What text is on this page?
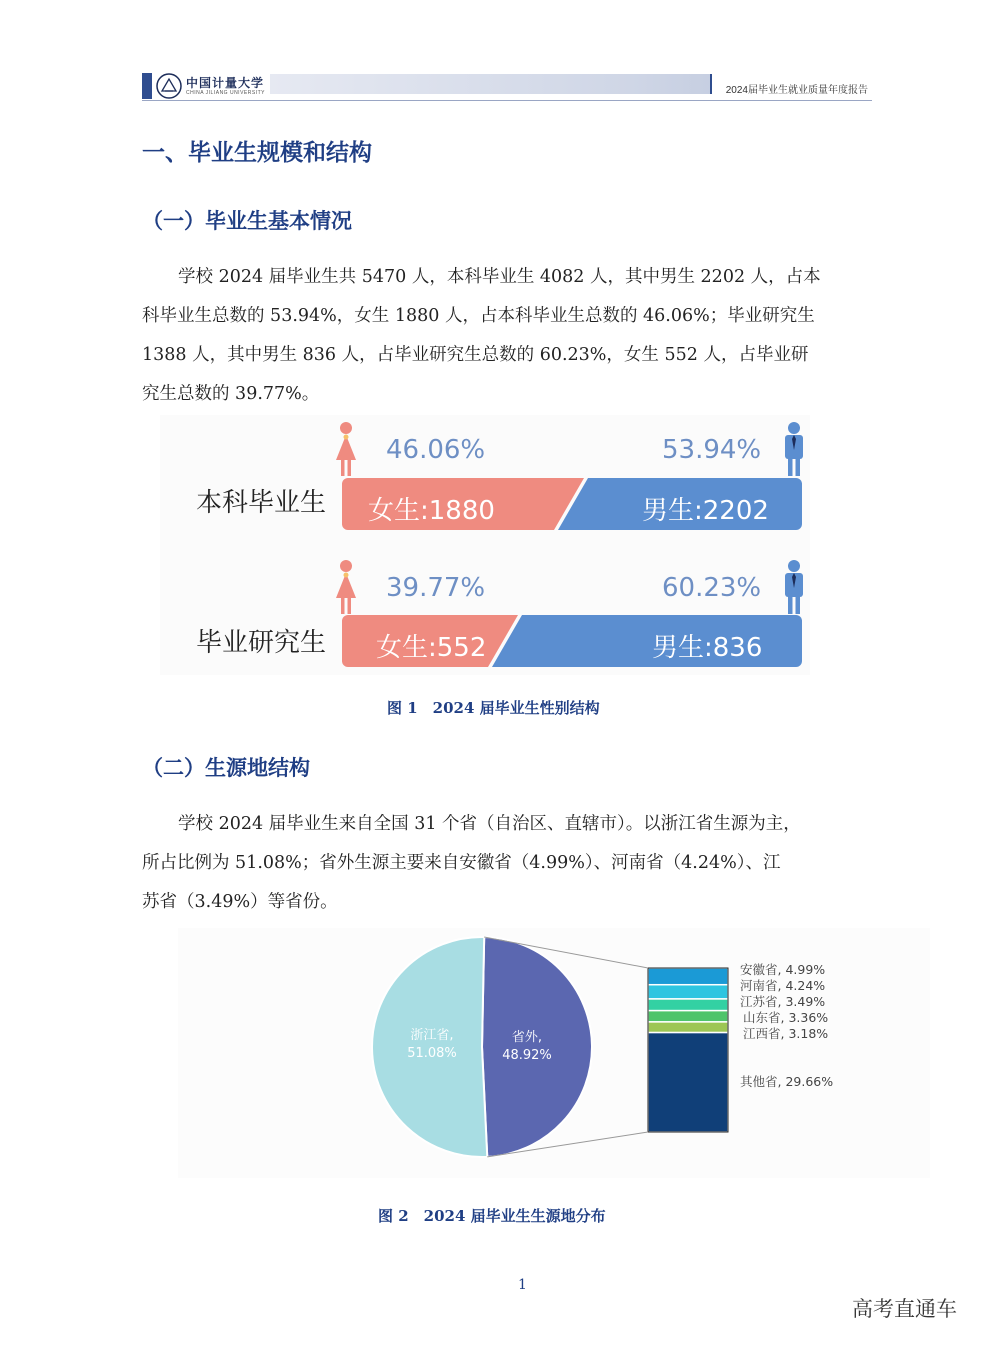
中国计量大学
CHINA JILIANG UNIVERSITY	2024届毕业生就业质量年度报告
一、毕业生规模和结构
（一）毕业生基本情况
学校 2024 届毕业生共 5470 人，本科毕业生 4082 人，其中男生 2202 人，占本
科毕业生总数的 53.94%，女生 1880 人，占本科毕业生总数的 46.06%；毕业研究生
1388 人，其中男生 836 人，占毕业研究生总数的 60.23%，女生 552 人，占毕业研
究生总数的 39.77%。
46.06%	53.94%
本科毕业生 女生:1880	男生:2202
39.77%	60.23%
毕业研究生 女生:552	男生:836
图 1　2024 届毕业生性别结构
（二）生源地结构
学校 2024 届毕业生来自全国 31 个省（自治区、直辖市）。以浙江省生源为主，
所占比例为 51.08%；省外生源主要来自安徽省（4.99%）、河南省（4.24%）、江
苏省（3.49%）等省份。
浙江省,
51.08%
省外,
48.92%
安徽省, 4.99%
河南省, 4.24%
江苏省, 3.49%
山东省, 3.36%
江西省, 3.18%
其他省, 29.66%
图 2　2024 届毕业生生源地分布
1
高考直通车
